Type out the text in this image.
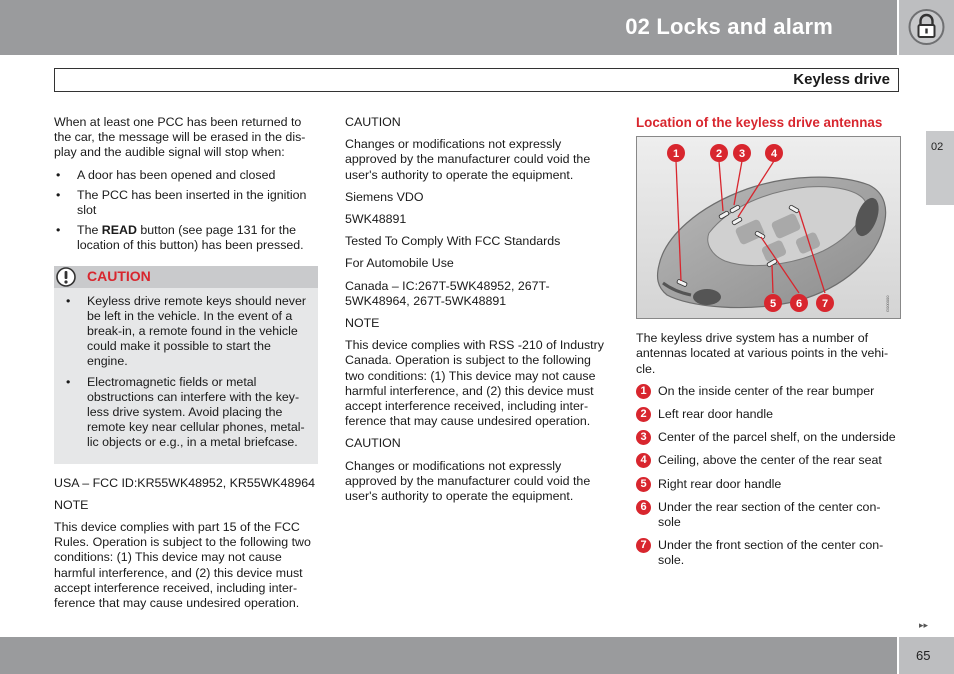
02 Locks and alarm
Keyless drive
02

When at least one PCC has been returned to the car, the message will be erased in the dis-play and the audible signal will stop when:

• A door has been opened and closed
• The PCC has been inserted in the ignition slot
• The READ button (see page 131 for the location of this button) has been pressed.
CAUTION
• Keyless drive remote keys should never be left in the vehicle. In the event of a break-in, a remote found in the vehicle could make it possible to start the engine.
• Electromagnetic fields or metal obstructions can interfere with the key-less drive system. Avoid placing the remote key near cellular phones, metal-lic objects or e.g., in a metal briefcase.

USA – FCC ID:KR55WK48952, KR55WK48964

NOTE

This device complies with part 15 of the FCC Rules. Operation is subject to the following two conditions: (1) This device may not cause harmful interference, and (2) this device must accept interference received, including inter-ference that may cause undesired operation.

CAUTION

Changes or modifications not expressly approved by the manufacturer could void the user's authority to operate the equipment.

Siemens VDO

5WK48891

Tested To Comply With FCC Standards

For Automobile Use

Canada – IC:267T-5WK48952, 267T-5WK48964, 267T-5WK48891

NOTE

This device complies with RSS -210 of Industry Canada. Operation is subject to the following two conditions: (1) This device may not cause harmful interference, and (2) this device must accept interference received, including inter-ference that may cause undesired operation.

CAUTION

Changes or modifications not expressly approved by the manufacturer could void the user's authority to operate the equipment.

Location of the keyless drive antennas
1	2 3 4
5 6 7	G000000

The keyless drive system has a number of antennas located at various points in the vehi-cle.

1 On the inside center of the rear bumper
2 Left rear door handle
3 Center of the parcel shelf, on the underside
4 Ceiling, above the center of the rear seat
5 Right rear door handle
6 Under the rear section of the center con-sole
7 Under the front section of the center con-sole.
▸▸
65
